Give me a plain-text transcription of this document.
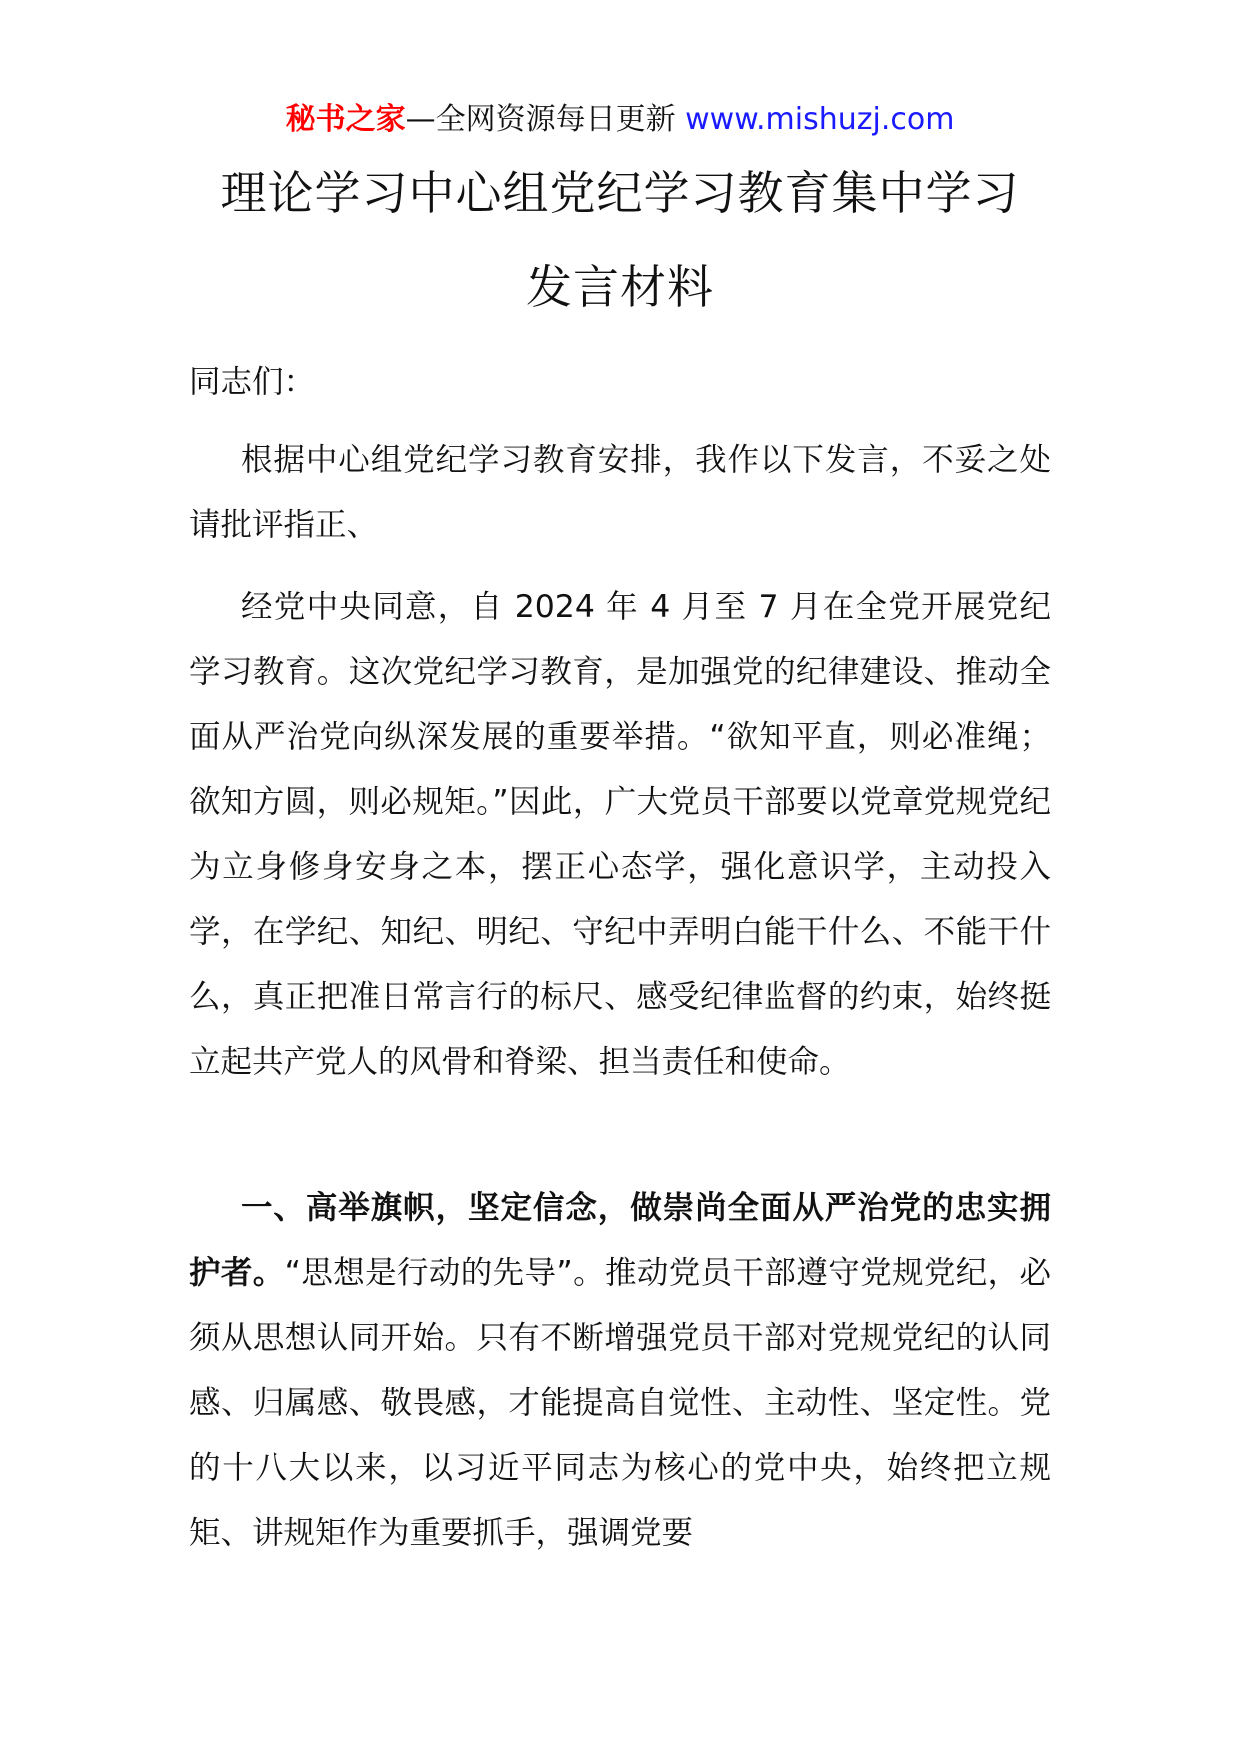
秘书之家—全网资源每日更新 www.mishuzj.com
理论学习中心组党纪学习教育集中学习
发言材料
同志们：
根据中心组党纪学习教育安排，我作以下发言，不妥之处请批评指正、
经党中央同意，自 2024 年 4 月至 7 月在全党开展党纪学习教育。这次党纪学习教育，是加强党的纪律建设、推动全面从严治党向纵深发展的重要举措。“欲知平直，则必准绳；欲知方圆，则必规矩。”因此，广大党员干部要以党章党规党纪为立身修身安身之本，摆正心态学，强化意识学，主动投入学，在学纪、知纪、明纪、守纪中弄明白能干什么、不能干什么，真正把准日常言行的标尺、感受纪律监督的约束，始终挺立起共产党人的风骨和脊梁、担当责任和使命。
一、高举旗帜，坚定信念，做崇尚全面从严治党的忠实拥护者。“思想是行动的先导”。推动党员干部遵守党规党纪，必须从思想认同开始。只有不断增强党员干部对党规党纪的认同感、归属感、敬畏感，才能提高自觉性、主动性、坚定性。党的十八大以来，以习近平同志为核心的党中央，始终把立规矩、讲规矩作为重要抓手，强调党要
